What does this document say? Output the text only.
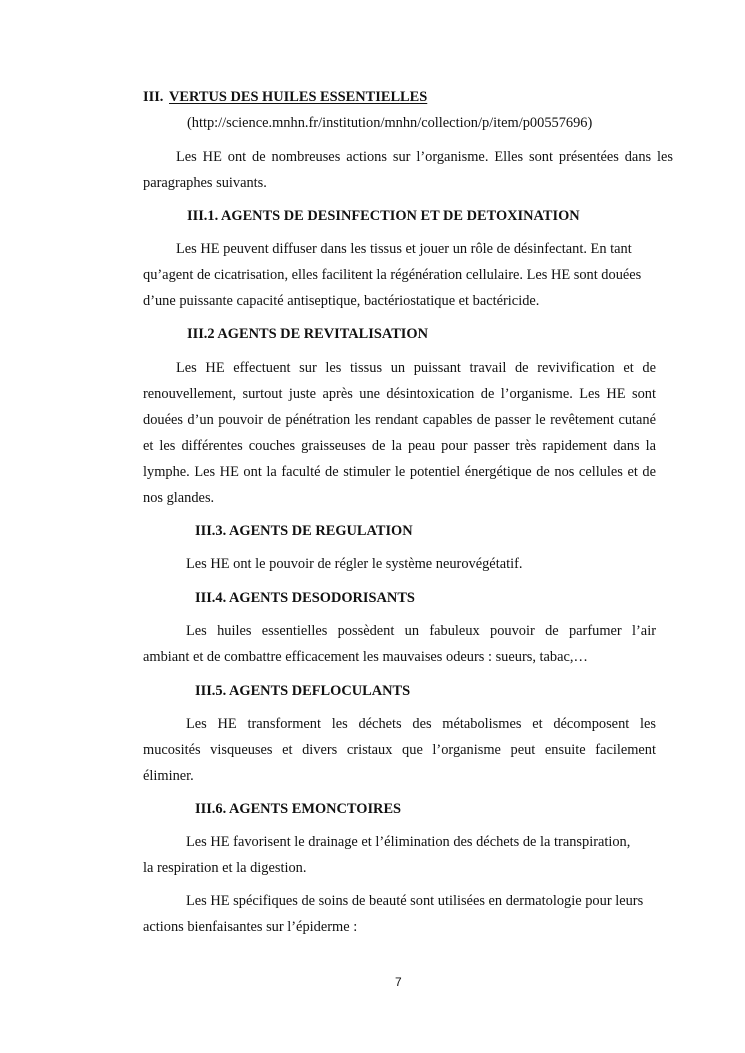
III. VERTUS DES HUILES ESSENTIELLES
(http://science.mnhn.fr/institution/mnhn/collection/p/item/p00557696)
Les HE ont de nombreuses actions sur l’organisme. Elles sont présentées dans les
paragraphes suivants.
III.1. AGENTS DE DESINFECTION ET DE DETOXINATION
Les HE peuvent diffuser dans les tissus et jouer un rôle de désinfectant. En tant
qu’agent de cicatrisation, elles facilitent la régénération cellulaire. Les HE sont douées
d’une puissante capacité antiseptique, bactériostatique et bactéricide.
III.2 AGENTS DE REVITALISATION
Les HE effectuent sur les tissus un puissant travail de revivification et de
renouvellement, surtout juste après une désintoxication de l’organisme. Les HE sont
douées d’un pouvoir de pénétration les rendant capables de passer le revêtement cutané
et les différentes couches graisseuses de la peau pour passer très rapidement dans la
lymphe. Les HE ont la faculté de stimuler le potentiel énergétique de nos cellules et de
nos glandes.
III.3. AGENTS DE REGULATION
Les HE ont le pouvoir de régler le système neurovégétatif.
III.4. AGENTS DESODORISANTS
Les huiles essentielles possèdent un fabuleux pouvoir de parfumer l’air
ambiant et de combattre efficacement les mauvaises odeurs : sueurs, tabac,…
III.5. AGENTS DEFLOCULANTS
Les HE transforment les déchets des métabolismes et décomposent les
mucosités visqueuses et divers cristaux que l’organisme peut ensuite facilement
éliminer.
III.6. AGENTS EMONCTOIRES
Les HE favorisent le drainage et l’élimination des déchets de la transpiration,
la respiration et la digestion.
Les HE spécifiques de soins de beauté sont utilisées en dermatologie pour leurs
actions bienfaisantes sur l’épiderme :
7
